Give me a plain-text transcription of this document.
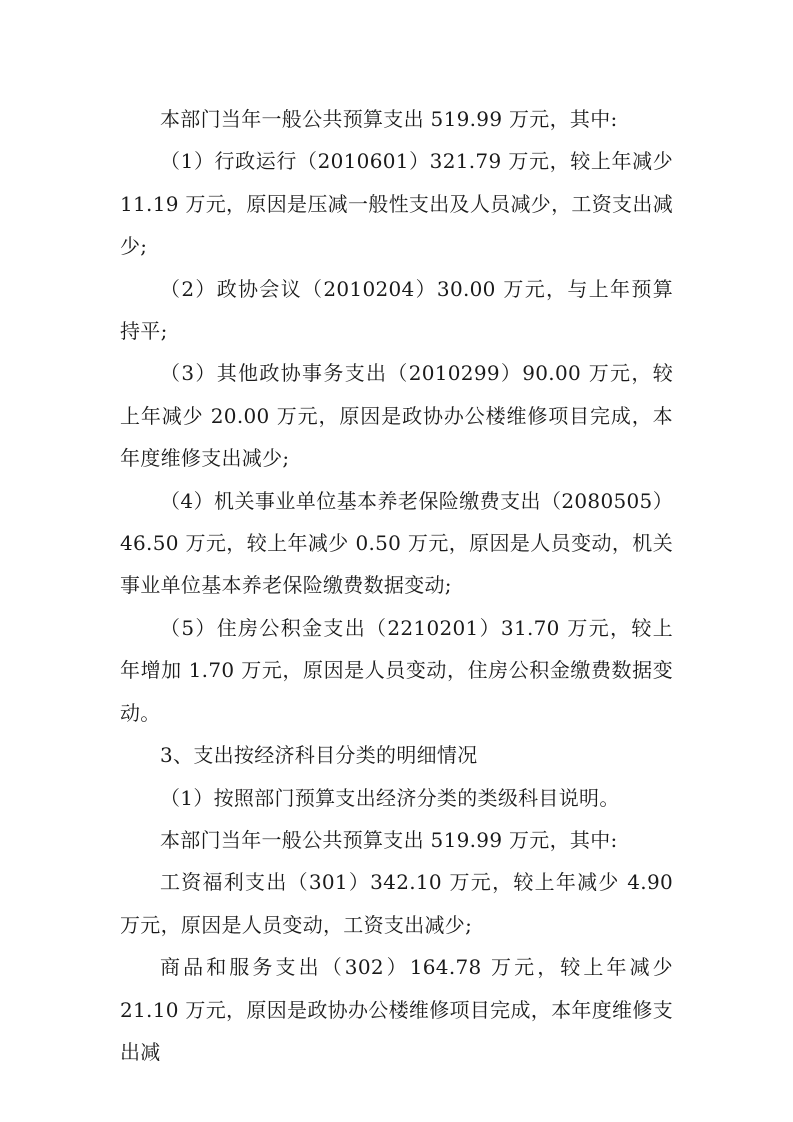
本部门当年一般公共预算支出 519.99 万元，其中:

（1）行政运行（2010601）321.79 万元，较上年减少 11.19 万元，原因是压减一般性支出及人员减少，工资支出减少;

（2）政协会议（2010204）30.00 万元，与上年预算持平;

（3）其他政协事务支出（2010299）90.00 万元，较上年减少 20.00 万元，原因是政协办公楼维修项目完成，本年度维修支出减少;

（4）机关事业单位基本养老保险缴费支出（2080505）46.50 万元，较上年减少 0.50 万元，原因是人员变动，机关事业单位基本养老保险缴费数据变动;

（5）住房公积金支出（2210201）31.70 万元，较上年增加 1.70 万元，原因是人员变动，住房公积金缴费数据变动。

3、支出按经济科目分类的明细情况

（1）按照部门预算支出经济分类的类级科目说明。

本部门当年一般公共预算支出 519.99 万元，其中:

工资福利支出（301）342.10 万元，较上年减少 4.90 万元，原因是人员变动，工资支出减少;

商品和服务支出（302）164.78 万元，较上年减少 21.10 万元，原因是政协办公楼维修项目完成，本年度维修支出减
